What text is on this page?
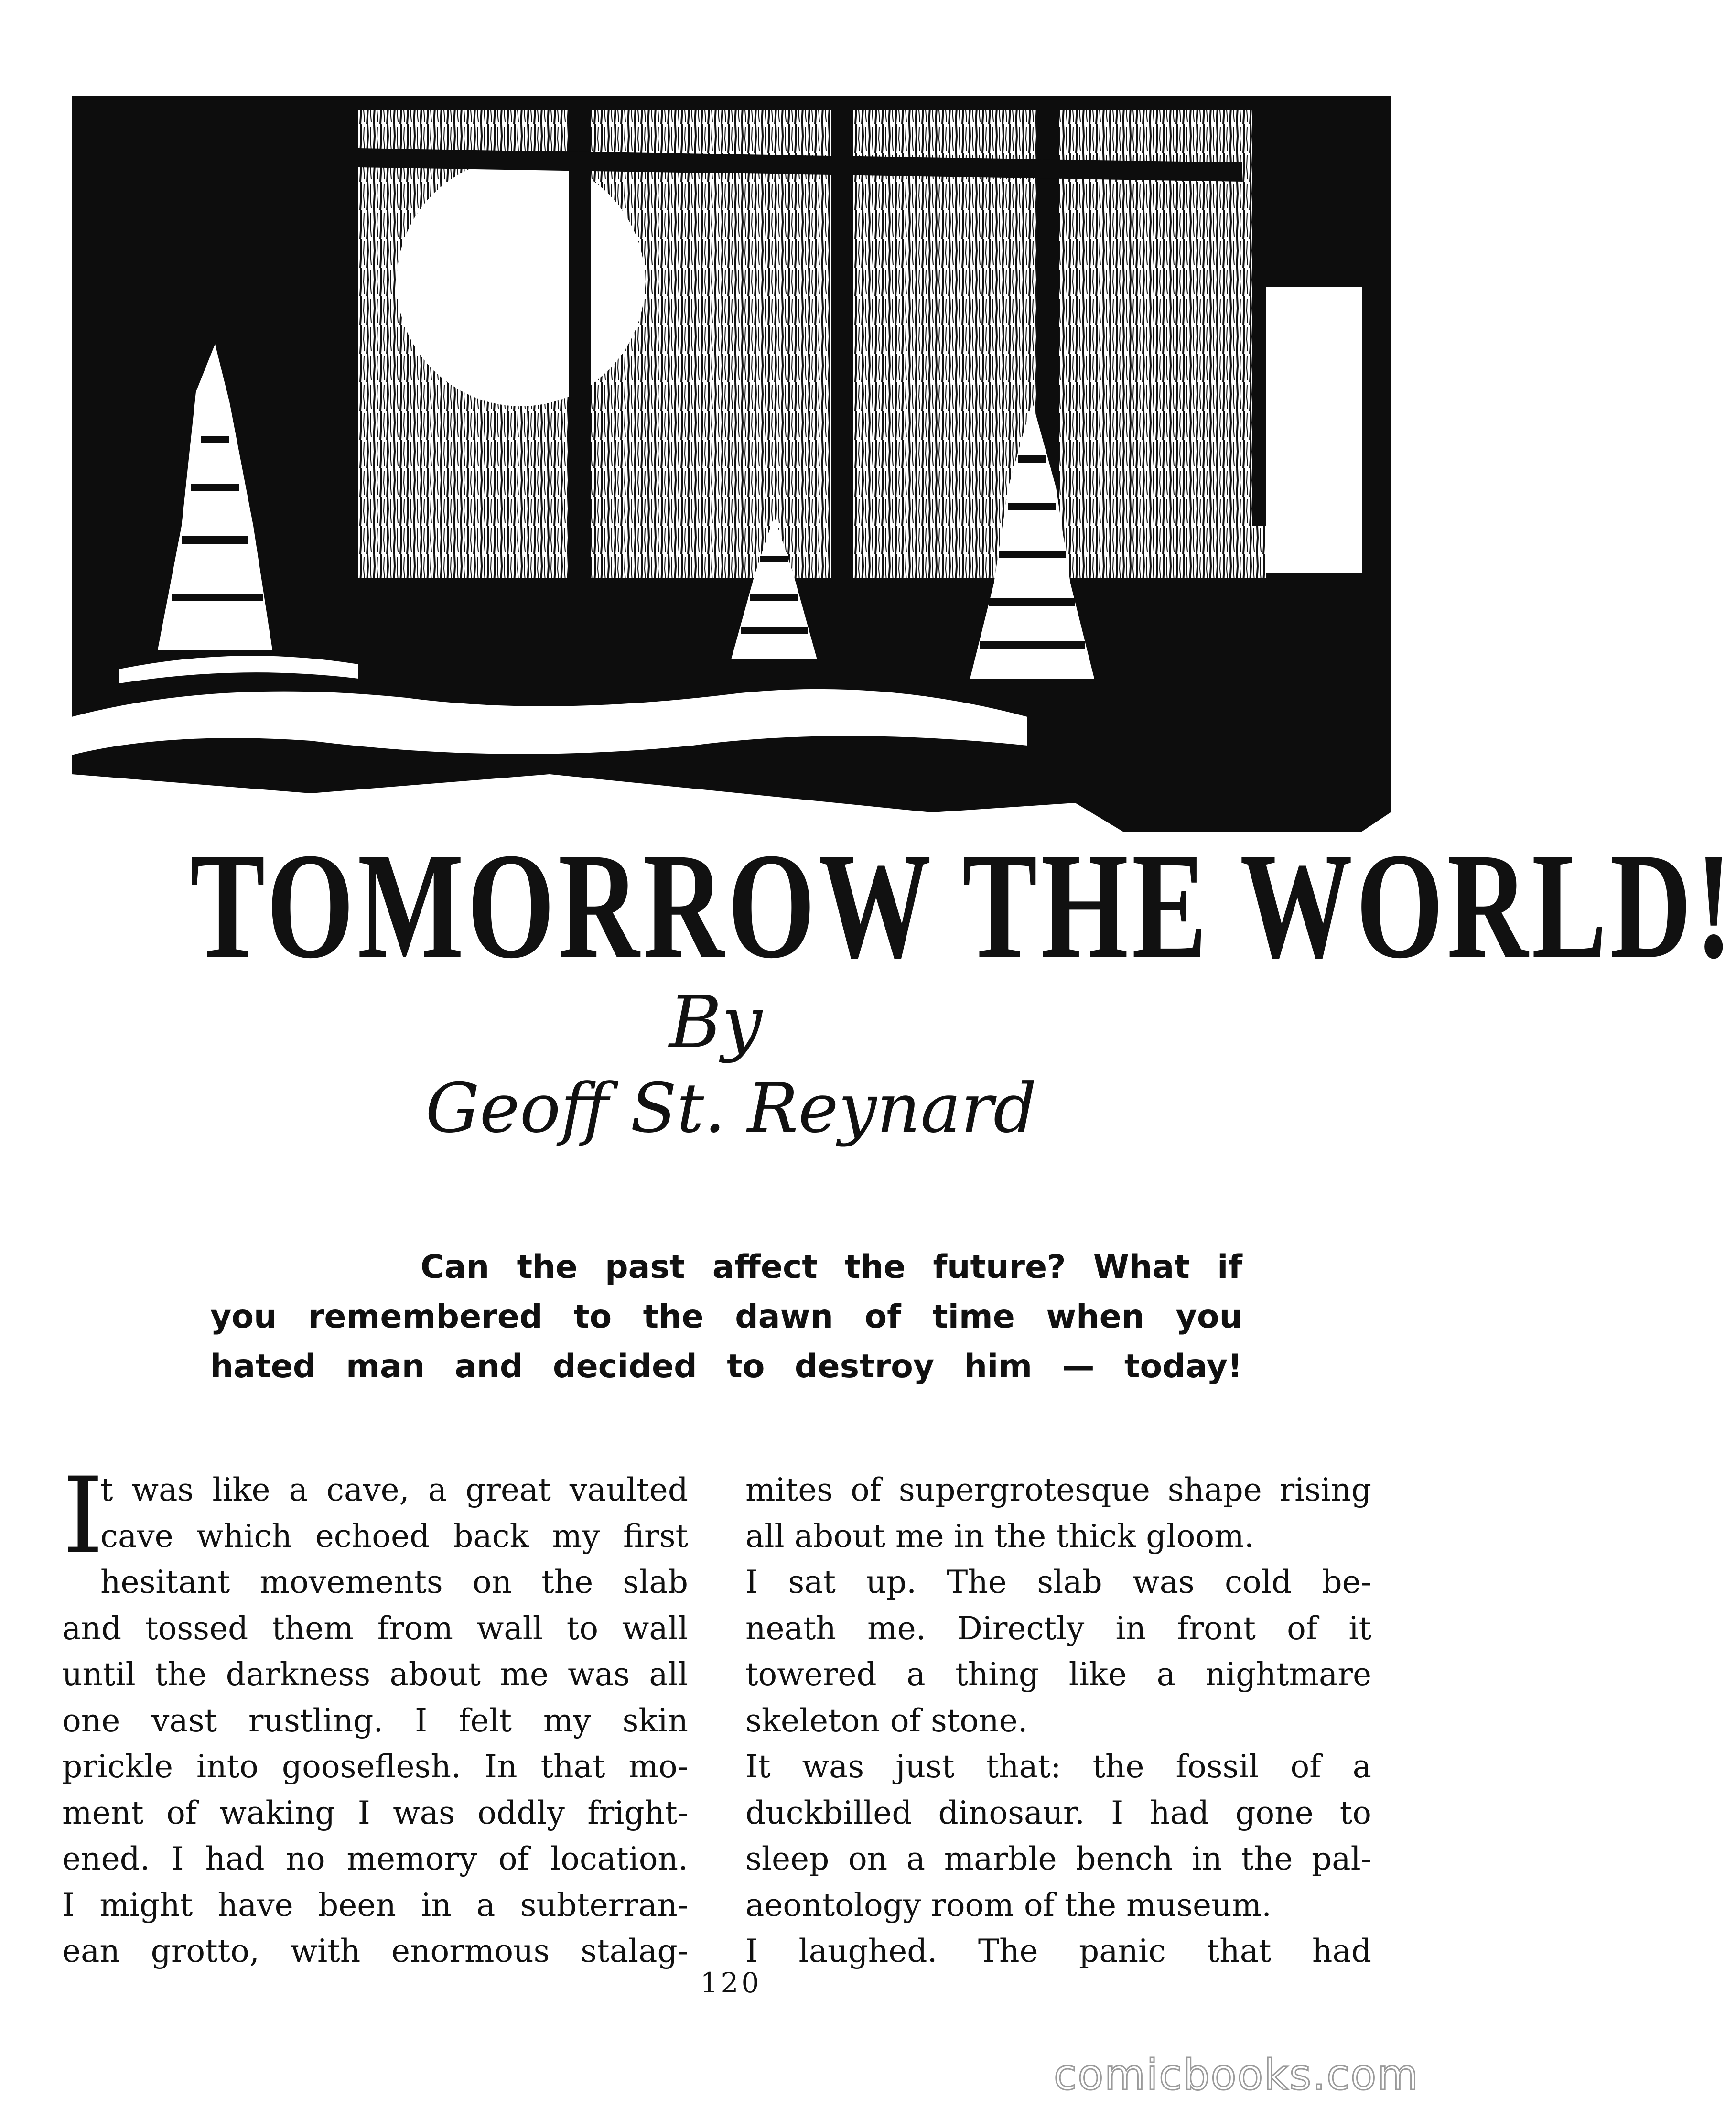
TOMORROW THE WORLD!
By
Geoff St. Reynard
Can the past affect the future? What if
you remembered to the dawn of time when you
hated man and decided to destroy him — today!
I
t was like a cave, a great vaulted
cave which echoed back my first
hesitant movements on the slab
and tossed them from wall to wall
until the darkness about me was all
one vast rustling. I felt my skin
prickle into gooseflesh. In that mo-
ment of waking I was oddly fright-
ened. I had no memory of location.
I might have been in a subterran-
ean grotto, with enormous stalag-
mites of supergrotesque shape rising
all about me in the thick gloom.
I sat up. The slab was cold be-
neath me. Directly in front of it
towered a thing like a nightmare
skeleton of stone.
It was just that: the fossil of a
duckbilled dinosaur. I had gone to
sleep on a marble bench in the pal-
aeontology room of the museum.
I laughed. The panic that had
120
comicbooks.com
